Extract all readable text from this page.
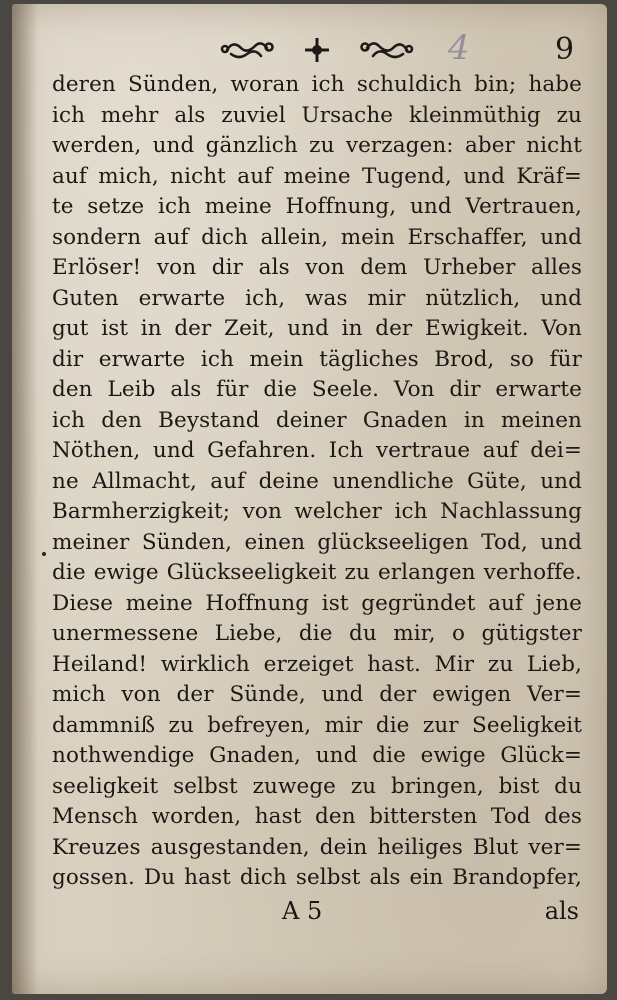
4	9
deren Sünden, woran ich schuldich bin; habe
ich mehr als zuviel Ursache kleinmüthig zu
werden, und gänzlich zu verzagen: aber nicht
auf mich, nicht auf meine Tugend, und Kräf=
te setze ich meine Hoffnung, und Vertrauen,
sondern auf dich allein, mein Erschaffer, und
Erlöser! von dir als von dem Urheber alles
Guten erwarte ich, was mir nützlich, und
gut ist in der Zeit, und in der Ewigkeit. Von
dir erwarte ich mein tägliches Brod, so für
den Leib als für die Seele. Von dir erwarte
ich den Beystand deiner Gnaden in meinen
Nöthen, und Gefahren. Ich vertraue auf dei=
ne Allmacht, auf deine unendliche Güte, und
Barmherzigkeit; von welcher ich Nachlassung
meiner Sünden, einen glückseeligen Tod, und
die ewige Glückseeligkeit zu erlangen verhoffe.
Diese meine Hoffnung ist gegründet auf jene
unermessene Liebe, die du mir, o gütigster
Heiland! wirklich erzeiget hast. Mir zu Lieb,
mich von der Sünde, und der ewigen Ver=
dammniß zu befreyen, mir die zur Seeligkeit
nothwendige Gnaden, und die ewige Glück=
seeligkeit selbst zuwege zu bringen, bist du
Mensch worden, hast den bittersten Tod des
Kreuzes ausgestanden, dein heiliges Blut ver=
gossen. Du hast dich selbst als ein Brandopfer,
A 5	als
